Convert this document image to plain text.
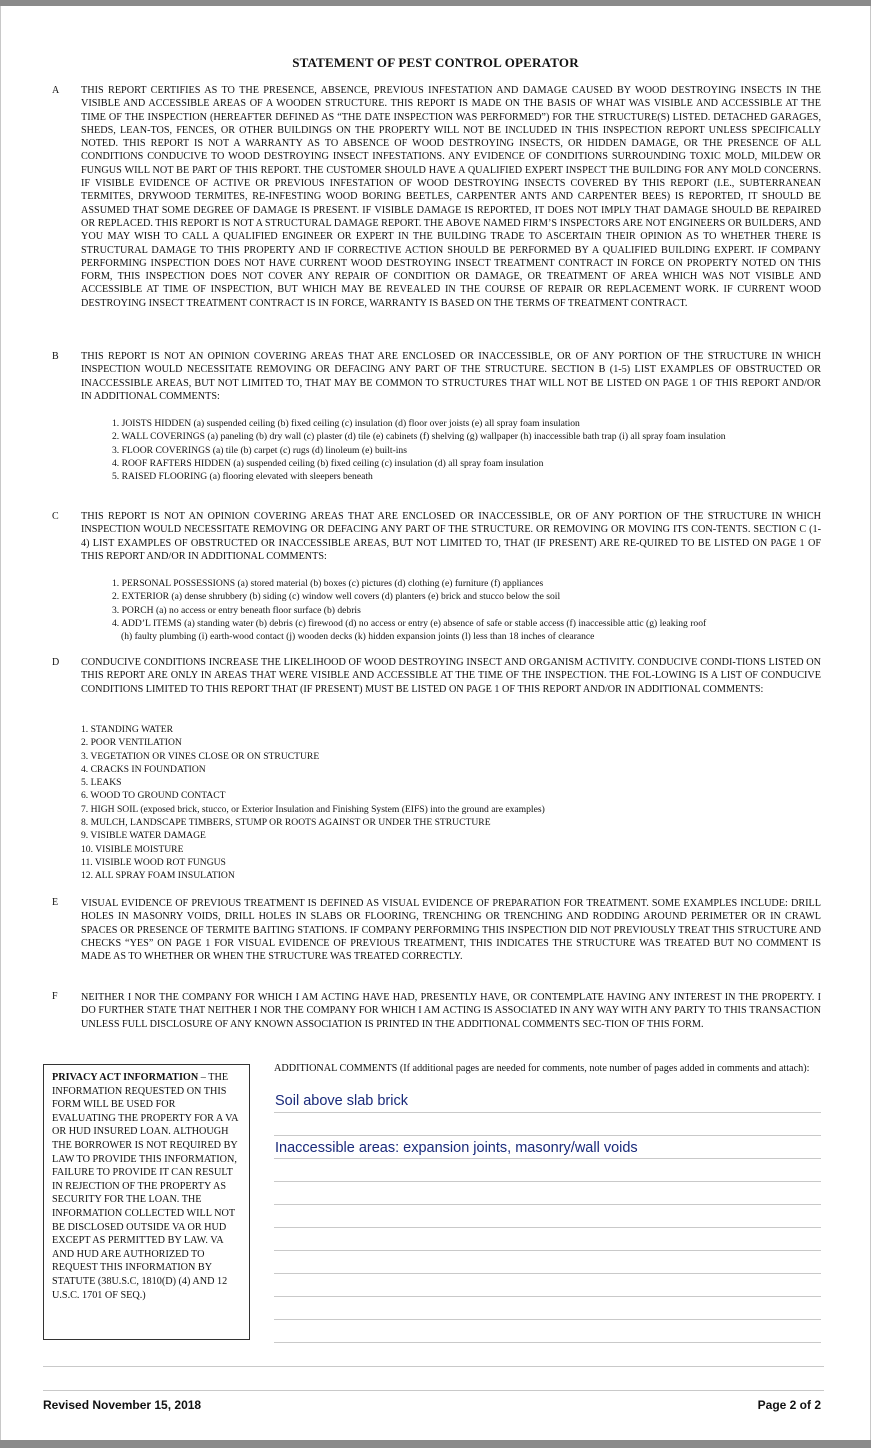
STATEMENT OF PEST CONTROL OPERATOR
A THIS REPORT CERTIFIES AS TO THE PRESENCE, ABSENCE, PREVIOUS INFESTATION AND DAMAGE CAUSED BY WOOD DESTROYING INSECTS IN THE VISIBLE AND ACCESSIBLE AREAS OF A WOODEN STRUCTURE. THIS REPORT IS MADE ON THE BASIS OF WHAT WAS VISIBLE AND ACCESSIBLE AT THE TIME OF THE INSPECTION (HEREAFTER DEFINED AS “THE DATE INSPECTION WAS PERFORMED”) FOR THE STRUCTURE(S) LISTED. DETACHED GARAGES, SHEDS, LEAN-TOS, FENCES, OR OTHER BUILDINGS ON THE PROPERTY WILL NOT BE INCLUDED IN THIS INSPECTION REPORT UNLESS SPECIFICALLY NOTED. THIS REPORT IS NOT A WARRANTY AS TO ABSENCE OF WOOD DESTROYING INSECTS, OR HIDDEN DAMAGE, OR THE PRESENCE OF ALL CONDITIONS CONDUCIVE TO WOOD DESTROYING INSECT INFESTATIONS. ANY EVIDENCE OF CONDITIONS SURROUNDING TOXIC MOLD, MILDEW OR FUNGUS WILL NOT BE PART OF THIS REPORT. THE CUSTOMER SHOULD HAVE A QUALIFIED EXPERT INSPECT THE BUILDING FOR ANY MOLD CONCERNS. IF VISIBLE EVIDENCE OF ACTIVE OR PREVIOUS INFESTATION OF WOOD DESTROYING INSECTS COVERED BY THIS REPORT (I.E., SUBTERRANEAN TERMITES, DRYWOOD TERMITES, RE-INFESTING WOOD BORING BEETLES, CARPENTER ANTS AND CARPENTER BEES) IS REPORTED, IT SHOULD BE ASSUMED THAT SOME DEGREE OF DAMAGE IS PRESENT. IF VISIBLE DAMAGE IS REPORTED, IT DOES NOT IMPLY THAT DAMAGE SHOULD BE REPAIRED OR REPLACED. THIS REPORT IS NOT A STRUCTURAL DAMAGE REPORT. THE ABOVE NAMED FIRM’S INSPECTORS ARE NOT ENGINEERS OR BUILDERS, AND YOU MAY WISH TO CALL A QUALIFIED ENGINEER OR EXPERT IN THE BUILDING TRADE TO ASCERTAIN THEIR OPINION AS TO WHETHER THERE IS STRUCTURAL DAMAGE TO THIS PROPERTY AND IF CORRECTIVE ACTION SHOULD BE PERFORMED BY A QUALIFIED BUILDING EXPERT. IF COMPANY PERFORMING INSPECTION DOES NOT HAVE CURRENT WOOD DESTROYING INSECT TREATMENT CONTRACT IN FORCE ON PROPERTY NOTED ON THIS FORM, THIS INSPECTION DOES NOT COVER ANY REPAIR OF CONDITION OR DAMAGE, OR TREATMENT OF AREA WHICH WAS NOT VISIBLE AND ACCESSIBLE AT TIME OF INSPECTION, BUT WHICH MAY BE REVEALED IN THE COURSE OF REPAIR OR REPLACEMENT WORK. IF CURRENT WOOD DESTROYING INSECT TREATMENT CONTRACT IS IN FORCE, WARRANTY IS BASED ON THE TERMS OF TREATMENT CONTRACT.
B THIS REPORT IS NOT AN OPINION COVERING AREAS THAT ARE ENCLOSED OR INACCESSIBLE, OR OF ANY PORTION OF THE STRUCTURE IN WHICH INSPECTION WOULD NECESSITATE REMOVING OR DEFACING ANY PART OF THE STRUCTURE. SECTION B (1-5) LIST EXAMPLES OF OBSTRUCTED OR INACCESSIBLE AREAS, BUT NOT LIMITED TO, THAT MAY BE COMMON TO STRUCTURES THAT WILL NOT BE LISTED ON PAGE 1 OF THIS REPORT AND/OR IN ADDITIONAL COMMENTS:
1. JOISTS HIDDEN (a) suspended ceiling (b) fixed ceiling (c) insulation (d) floor over joists (e) all spray foam insulation
2. WALL COVERINGS (a) paneling (b) dry wall (c) plaster (d) tile (e) cabinets (f) shelving (g) wallpaper (h) inaccessible bath trap (i) all spray foam insulation
3. FLOOR COVERINGS (a) tile (b) carpet (c) rugs (d) linoleum (e) built-ins
4. ROOF RAFTERS HIDDEN (a) suspended ceiling (b) fixed ceiling (c) insulation (d) all spray foam insulation
5. RAISED FLOORING (a) flooring elevated with sleepers beneath
C THIS REPORT IS NOT AN OPINION COVERING AREAS THAT ARE ENCLOSED OR INACCESSIBLE, OR OF ANY PORTION OF THE STRUCTURE IN WHICH INSPECTION WOULD NECESSITATE REMOVING OR DEFACING ANY PART OF THE STRUCTURE. OR REMOVING OR MOVING ITS CON-TENTS. SECTION C (1-4) LIST EXAMPLES OF OBSTRUCTED OR INACCESSIBLE AREAS, BUT NOT LIMITED TO, THAT (IF PRESENT) ARE RE-QUIRED TO BE LISTED ON PAGE 1 OF THIS REPORT AND/OR IN ADDITIONAL COMMENTS:
1. PERSONAL POSSESSIONS (a) stored material (b) boxes (c) pictures (d) clothing (e) furniture (f) appliances
2. EXTERIOR (a) dense shrubbery (b) siding (c) window well covers (d) planters (e) brick and stucco below the soil
3. PORCH (a) no access or entry beneath floor surface (b) debris
4. ADD’L ITEMS (a) standing water (b) debris (c) firewood (d) no access or entry (e) absence of safe or stable access (f) inaccessible attic (g) leaking roof
(h) faulty plumbing (i) earth-wood contact (j) wooden decks (k) hidden expansion joints (l) less than 18 inches of clearance
D CONDUCIVE CONDITIONS INCREASE THE LIKELIHOOD OF WOOD DESTROYING INSECT AND ORGANISM ACTIVITY. CONDUCIVE CONDI-TIONS LISTED ON THIS REPORT ARE ONLY IN AREAS THAT WERE VISIBLE AND ACCESSIBLE AT THE TIME OF THE INSPECTION. THE FOL-LOWING IS A LIST OF CONDUCIVE CONDITIONS LIMITED TO THIS REPORT THAT (IF PRESENT) MUST BE LISTED ON PAGE 1 OF THIS REPORT AND/OR IN ADDITIONAL COMMENTS:
1. STANDING WATER
2. POOR VENTILATION
3. VEGETATION OR VINES CLOSE OR ON STRUCTURE
4. CRACKS IN FOUNDATION
5. LEAKS
6. WOOD TO GROUND CONTACT
7. HIGH SOIL (exposed brick, stucco, or Exterior Insulation and Finishing System (EIFS) into the ground are examples)
8. MULCH, LANDSCAPE TIMBERS, STUMP OR ROOTS AGAINST OR UNDER THE STRUCTURE
9. VISIBLE WATER DAMAGE
10. VISIBLE MOISTURE
11. VISIBLE WOOD ROT FUNGUS
12. ALL SPRAY FOAM INSULATION
E VISUAL EVIDENCE OF PREVIOUS TREATMENT IS DEFINED AS VISUAL EVIDENCE OF PREPARATION FOR TREATMENT. SOME EXAMPLES INCLUDE: DRILL HOLES IN MASONRY VOIDS, DRILL HOLES IN SLABS OR FLOORING, TRENCHING OR TRENCHING AND RODDING AROUND PERIMETER OR IN CRAWL SPACES OR PRESENCE OF TERMITE BAITING STATIONS. IF COMPANY PERFORMING THIS INSPECTION DID NOT PREVIOUSLY TREAT THIS STRUCTURE AND CHECKS “YES” ON PAGE 1 FOR VISUAL EVIDENCE OF PREVIOUS TREATMENT, THIS INDICATES THE STRUCTURE WAS TREATED BUT NO COMMENT IS MADE AS TO WHETHER OR WHEN THE STRUCTURE WAS TREATED CORRECTLY.
F NEITHER I NOR THE COMPANY FOR WHICH I AM ACTING HAVE HAD, PRESENTLY HAVE, OR CONTEMPLATE HAVING ANY INTEREST IN THE PROPERTY. I DO FURTHER STATE THAT NEITHER I NOR THE COMPANY FOR WHICH I AM ACTING IS ASSOCIATED IN ANY WAY WITH ANY PARTY TO THIS TRANSACTION UNLESS FULL DISCLOSURE OF ANY KNOWN ASSOCIATION IS PRINTED IN THE ADDITIONAL COMMENTS SEC-TION OF THIS FORM.
PRIVACY ACT INFORMATION – THE INFORMATION REQUESTED ON THIS FORM WILL BE USED FOR EVALUATING THE PROPERTY FOR A VA OR HUD INSURED LOAN. ALTHOUGH THE BORROWER IS NOT REQUIRED BY LAW TO PROVIDE THIS INFORMATION, FAILURE TO PROVIDE IT CAN RESULT IN REJECTION OF THE PROPERTY AS SECURITY FOR THE LOAN. THE INFORMATION COLLECTED WILL NOT BE DISCLOSED OUTSIDE VA OR HUD EXCEPT AS PERMITTED BY LAW. VA AND HUD ARE AUTHORIZED TO REQUEST THIS INFORMATION BY STATUTE (38U.S.C, 1810(D) (4) AND 12 U.S.C. 1701 OF SEQ.)
ADDITIONAL COMMENTS (If additional pages are needed for comments, note number of pages added in comments and attach):
Soil above slab brick
Inaccessible areas: expansion joints, masonry/wall voids
Revised November 15, 2018	Page 2 of 2
